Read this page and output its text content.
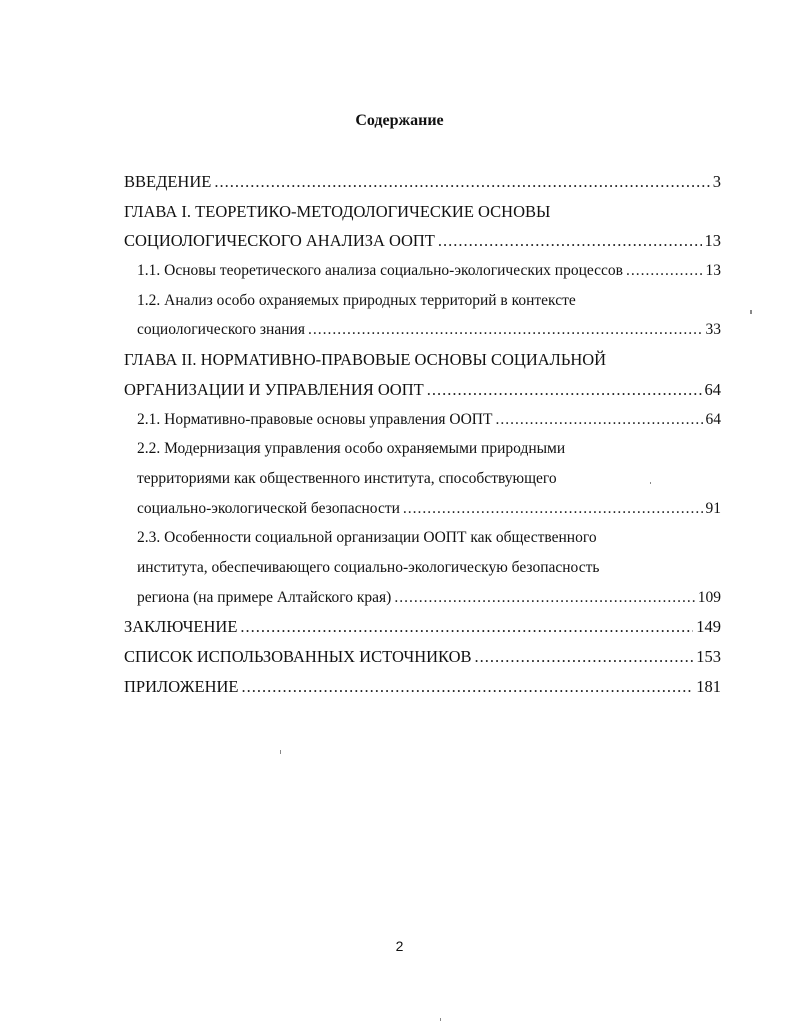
Содержание
ВВЕДЕНИЕ .....	3
ГЛАВА I. ТЕОРЕТИКО-МЕТОДОЛОГИЧЕСКИЕ ОСНОВЫ
СОЦИОЛОГИЧЕСКОГО АНАЛИЗА ООПТ .....	13
1.1. Основы теоретического анализа социально-экологических процессов .....	13
1.2. Анализ особо охраняемых природных территорий в контексте
социологического знания .....	33
ГЛАВА II. НОРМАТИВНО-ПРАВОВЫЕ ОСНОВЫ СОЦИАЛЬНОЙ
ОРГАНИЗАЦИИ И УПРАВЛЕНИЯ ООПТ .....	64
2.1. Нормативно-правовые основы управления ООПТ .....	64
2.2. Модернизация управления особо охраняемыми природными
территориями как общественного института, способствующего
социально-экологической безопасности .....	91
2.3. Особенности социальной организации ООПТ как общественного
института, обеспечивающего социально-экологическую безопасность
региона (на примере Алтайского края) .....	109
ЗАКЛЮЧЕНИЕ .....	149
СПИСОК ИСПОЛЬЗОВАННЫХ ИСТОЧНИКОВ .....	153
ПРИЛОЖЕНИЕ .....	181
2
